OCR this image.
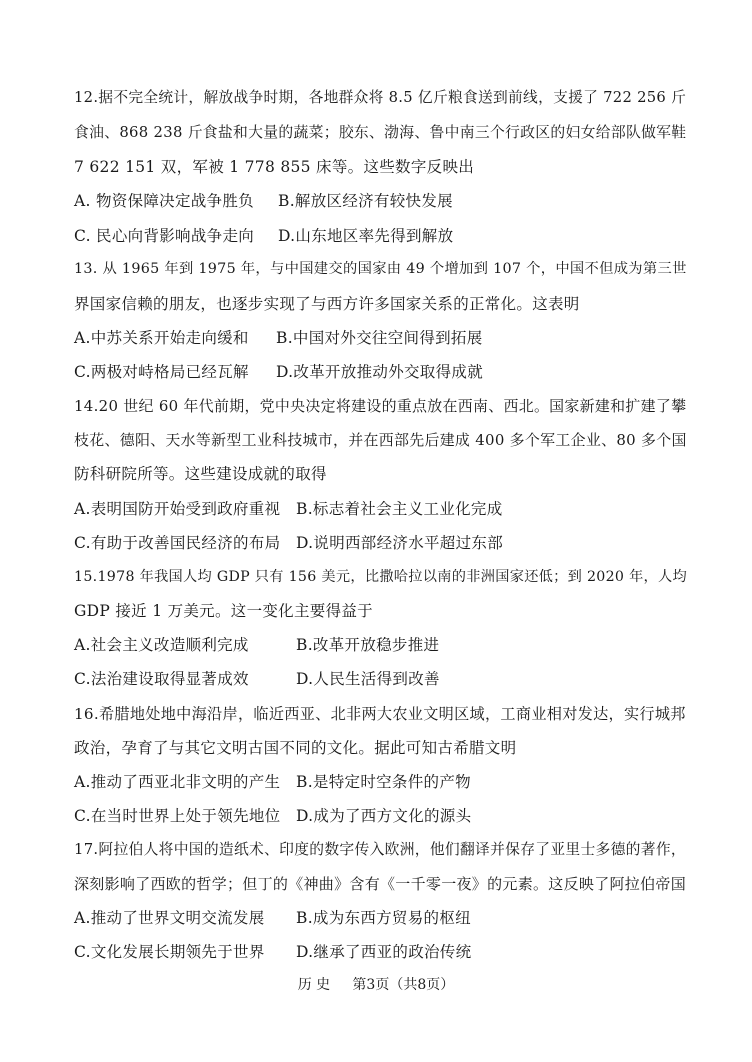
12.据不完全统计，解放战争时期，各地群众将 8.5 亿斤粮食送到前线，支援了 722 256 斤
食油、868 238 斤食盐和大量的蔬菜；胶东、渤海、鲁中南三个行政区的妇女给部队做军鞋
7 622 151 双，军被 1 778 855 床等。这些数字反映出
A. 物资保障决定战争胜负 B.解放区经济有较快发展
C. 民心向背影响战争走向 D.山东地区率先得到解放
13. 从 1965 年到 1975 年，与中国建交的国家由 49 个增加到 107 个，中国不但成为第三世
界国家信赖的朋友，也逐步实现了与西方许多国家关系的正常化。这表明
A.中苏关系开始走向缓和 B.中国对外交往空间得到拓展
C.两极对峙格局已经瓦解 D.改革开放推动外交取得成就
14.20 世纪 60 年代前期，党中央决定将建设的重点放在西南、西北。国家新建和扩建了攀
枝花、德阳、天水等新型工业科技城市，并在西部先后建成 400 多个军工企业、80 多个国
防科研院所等。这些建设成就的取得
A.表明国防开始受到政府重视 B.标志着社会主义工业化完成
C.有助于改善国民经济的布局 D.说明西部经济水平超过东部
15.1978 年我国人均 GDP 只有 156 美元，比撒哈拉以南的非洲国家还低；到 2020 年，人均
GDP 接近 1 万美元。这一变化主要得益于
A.社会主义改造顺利完成	B.改革开放稳步推进
C.法治建设取得显著成效	D.人民生活得到改善
16.希腊地处地中海沿岸，临近西亚、北非两大农业文明区域，工商业相对发达，实行城邦
政治，孕育了与其它文明古国不同的文化。据此可知古希腊文明
A.推动了西亚北非文明的产生 B.是特定时空条件的产物
C.在当时世界上处于领先地位 D.成为了西方文化的源头
17.阿拉伯人将中国的造纸术、印度的数字传入欧洲，他们翻译并保存了亚里士多德的著作，
深刻影响了西欧的哲学；但丁的《神曲》含有《一千零一夜》的元素。这反映了阿拉伯帝国
A.推动了世界文明交流发展 B.成为东西方贸易的枢纽
C.文化发展长期领先于世界 D.继承了西亚的政治传统
历 史     第3页（共8页）
